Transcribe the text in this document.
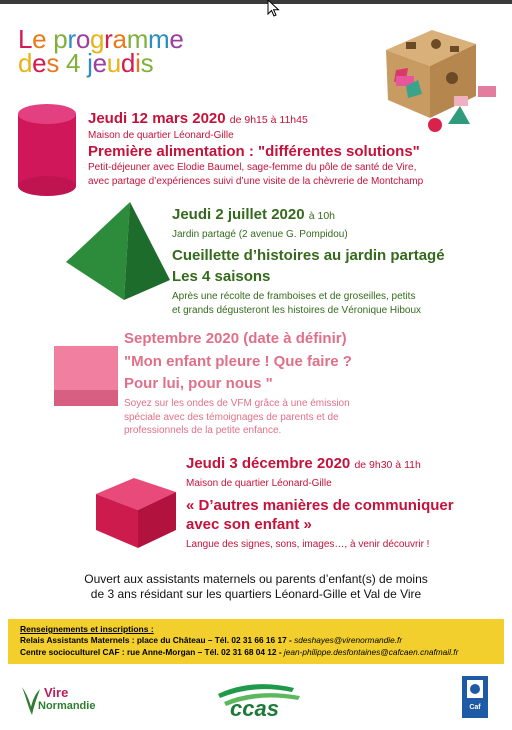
Le programme
des 4 jeudis
Jeudi 12 mars 2020 de 9h15 à 11h45
Maison de quartier Léonard-Gille
Première alimentation : "différentes solutions"
Petit-déjeuner avec Elodie Baumel, sage-femme du pôle de santé de Vire,
avec partage d’expériences suivi d’une visite de la chèvrerie de Montchamp
Jeudi 2 juillet 2020 à 10h
Jardin partagé (2 avenue G. Pompidou)
Cueillette d’histoires au jardin partagé
Les 4 saisons
Après une récolte de framboises et de groseilles, petits
et grands dégusteront les histoires de Véronique Hiboux
Septembre 2020 (date à définir)
"Mon enfant pleure ! Que faire ?
Pour lui, pour nous "
Soyez sur les ondes de VFM grâce à une émission
spéciale avec des témoignages de parents et de
professionnels de la petite enfance.
Jeudi 3 décembre 2020 de 9h30 à 11h
Maison de quartier Léonard-Gille
« D’autres manières de communiquer
avec son enfant »
Langue des signes, sons, images…, à venir découvrir !
Ouvert aux assistants maternels ou parents d’enfant(s) de moins
de 3 ans résidant sur les quartiers Léonard-Gille et Val de Vire
Renseignements et inscriptions :
Relais Assistants Maternels : place du Château – Tél. 02 31 66 16 17 - sdeshayes@virenormandie.fr
Centre socioculturel CAF : rue Anne-Morgan – Tél. 02 31 68 04 12 - jean-philippe.desfontaines@cafcaen.cnafmail.fr
Vire
Normandie	ccas	Caf
